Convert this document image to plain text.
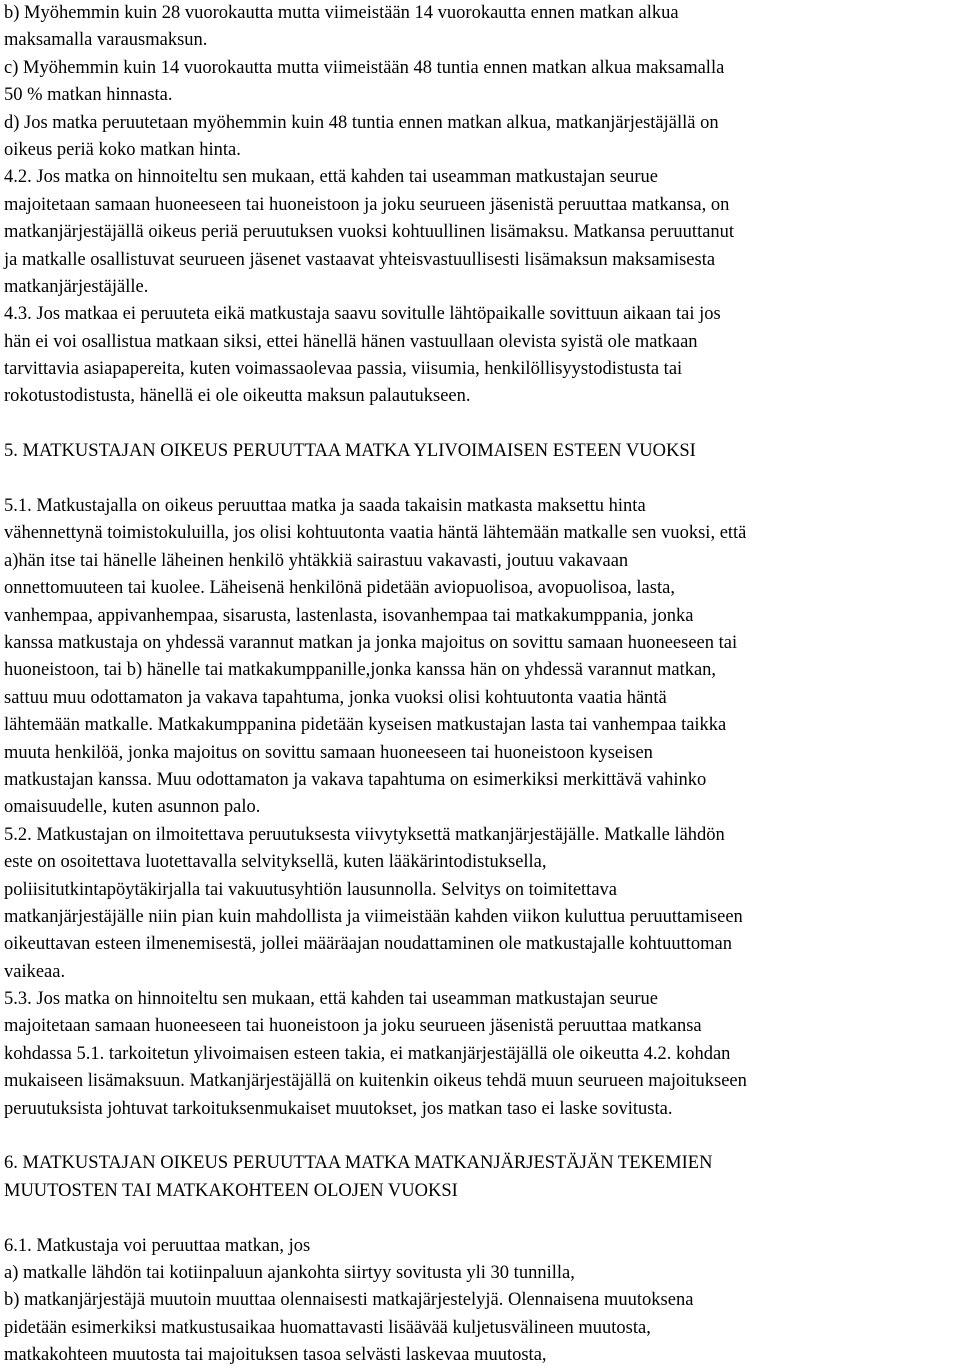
b) Myöhemmin kuin 28 vuorokautta mutta viimeistään 14 vuorokautta ennen matkan alkua
maksamalla varausmaksun.
c) Myöhemmin kuin 14 vuorokautta mutta viimeistään 48 tuntia ennen matkan alkua maksamalla
50 % matkan hinnasta.
d) Jos matka peruutetaan myöhemmin kuin 48 tuntia ennen matkan alkua, matkanjärjestäjällä on
oikeus periä koko matkan hinta.
4.2. Jos matka on hinnoiteltu sen mukaan, että kahden tai useamman matkustajan seurue
majoitetaan samaan huoneeseen tai huoneistoon ja joku seurueen jäsenistä peruuttaa matkansa, on
matkanjärjestäjällä oikeus periä peruutuksen vuoksi kohtuullinen lisämaksu. Matkansa peruuttanut
ja matkalle osallistuvat seurueen jäsenet vastaavat yhteisvastuullisesti lisämaksun maksamisesta
matkanjärjestäjälle.
4.3. Jos matkaa ei peruuteta eikä matkustaja saavu sovitulle lähtöpaikalle sovittuun aikaan tai jos
hän ei voi osallistua matkaan siksi, ettei hänellä hänen vastuullaan olevista syistä ole matkaan
tarvittavia asiapapereita, kuten voimassaolevaa passia, viisumia, henkilöllisyystodistusta tai
rokotustodistusta, hänellä ei ole oikeutta maksun palautukseen.
5. MATKUSTAJAN OIKEUS PERUUTTAA MATKA YLIVOIMAISEN ESTEEN VUOKSI
5.1. Matkustajalla on oikeus peruuttaa matka ja saada takaisin matkasta maksettu hinta
vähennettynä toimistokuluilla, jos olisi kohtuutonta vaatia häntä lähtemään matkalle sen vuoksi, että
a)hän itse tai hänelle läheinen henkilö yhtäkkiä sairastuu vakavasti, joutuu vakavaan
onnettomuuteen tai kuolee. Läheisenä henkilönä pidetään aviopuolisoa, avopuolisoa, lasta,
vanhempaa, appivanhempaa, sisarusta, lastenlasta, isovanhempaa tai matkakumppania, jonka
kanssa matkustaja on yhdessä varannut matkan ja jonka majoitus on sovittu samaan huoneeseen tai
huoneistoon, tai b) hänelle tai matkakumppanille,jonka kanssa hän on yhdessä varannut matkan,
sattuu muu odottamaton ja vakava tapahtuma, jonka vuoksi olisi kohtuutonta vaatia häntä
lähtemään matkalle. Matkakumppanina pidetään kyseisen matkustajan lasta tai vanhempaa taikka
muuta henkilöä, jonka majoitus on sovittu samaan huoneeseen tai huoneistoon kyseisen
matkustajan kanssa. Muu odottamaton ja vakava tapahtuma on esimerkiksi merkittävä vahinko
omaisuudelle, kuten asunnon palo.
5.2. Matkustajan on ilmoitettava peruutuksesta viivytyksettä matkanjärjestäjälle. Matkalle lähdön
este on osoitettava luotettavalla selvityksellä, kuten lääkärintodistuksella,
poliisitutkintapöytäkirjalla tai vakuutusyhtiön lausunnolla. Selvitys on toimitettava
matkanjärjestäjälle niin pian kuin mahdollista ja viimeistään kahden viikon kuluttua peruuttamiseen
oikeuttavan esteen ilmenemisestä, jollei määräajan noudattaminen ole matkustajalle kohtuuttoman
vaikeaa.
5.3. Jos matka on hinnoiteltu sen mukaan, että kahden tai useamman matkustajan seurue
majoitetaan samaan huoneeseen tai huoneistoon ja joku seurueen jäsenistä peruuttaa matkansa
kohdassa 5.1. tarkoitetun ylivoimaisen esteen takia, ei matkanjärjestäjällä ole oikeutta 4.2. kohdan
mukaiseen lisämaksuun. Matkanjärjestäjällä on kuitenkin oikeus tehdä muun seurueen majoitukseen
peruutuksista johtuvat tarkoituksenmukaiset muutokset, jos matkan taso ei laske sovitusta.
6. MATKUSTAJAN OIKEUS PERUUTTAA MATKA MATKANJÄRJESTÄJÄN TEKEMIEN
MUUTOSTEN TAI MATKAKOHTEEN OLOJEN VUOKSI
6.1. Matkustaja voi peruuttaa matkan, jos
a) matkalle lähdön tai kotiinpaluun ajankohta siirtyy sovitusta yli 30 tunnilla,
b) matkanjärjestäjä muutoin muuttaa olennaisesti matkajärjestelyjä. Olennaisena muutoksena
pidetään esimerkiksi matkustusaikaa huomattavasti lisäävää kuljetusvälineen muutosta,
matkakohteen muutosta tai majoituksen tasoa selvästi laskevaa muutosta,
